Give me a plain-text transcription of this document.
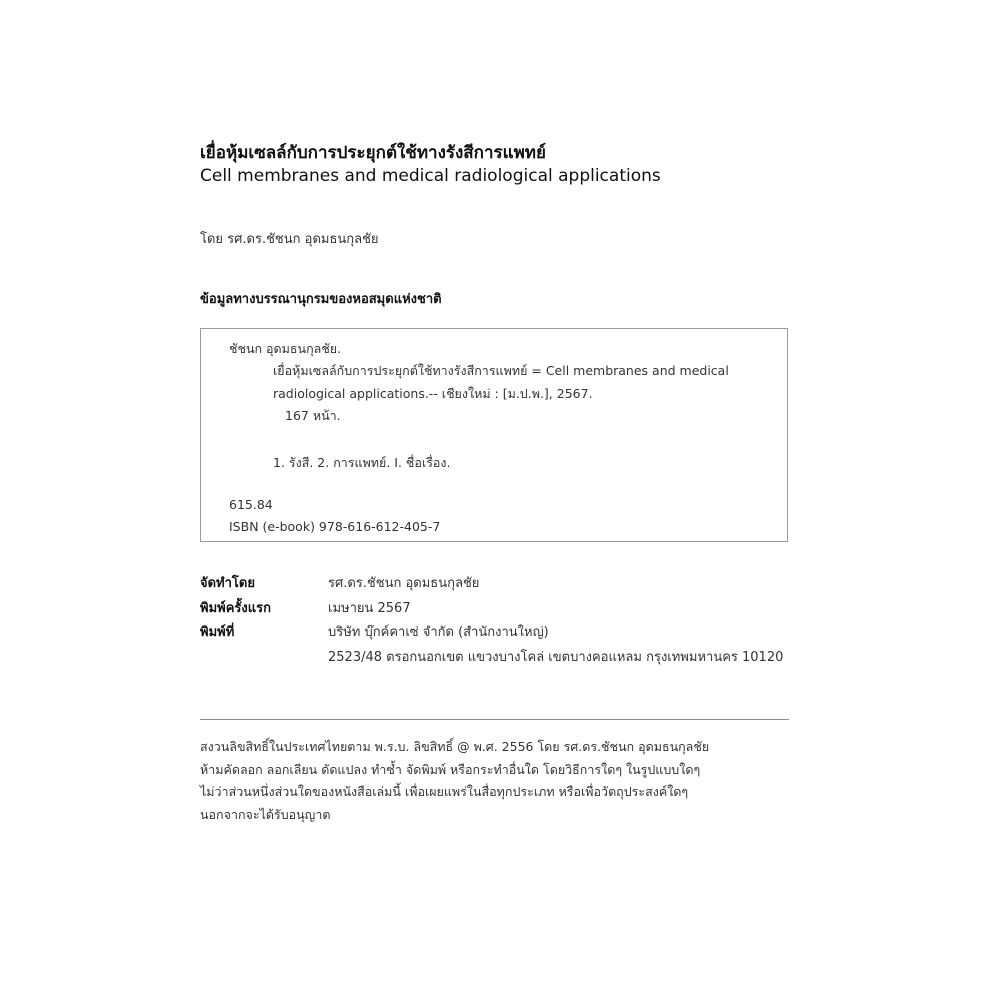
เยื่อหุ้มเซลล์กับการประยุกต์ใช้ทางรังสีการแพทย์
Cell membranes and medical radiological applications
โดย รศ.ดร.ชัชนก อุดมธนกุลชัย
ข้อมูลทางบรรณานุกรมของหอสมุดแห่งชาติ
ชัชนก อุดมธนกุลชัย.
เยื่อหุ้มเซลล์กับการประยุกต์ใช้ทางรังสีการแพทย์ = Cell membranes and medical
radiological applications.-- เชียงใหม่ : [ม.ป.พ.], 2567.
167 หน้า.
1. รังสี. 2. การแพทย์. I. ชื่อเรื่อง.
615.84
ISBN (e-book) 978-616-612-405-7
จัดทำโดย	รศ.ดร.ชัชนก อุดมธนกุลชัย
พิมพ์ครั้งแรก	เมษายน 2567
พิมพ์ที่	บริษัท บุ๊กค์คาเซ่ จำกัด (สำนักงานใหญ่)
2523/48 ตรอกนอกเขต แขวงบางโคล่ เขตบางคอแหลม กรุงเทพมหานคร 10120
สงวนลิขสิทธิ์ในประเทศไทยตาม พ.ร.บ. ลิขสิทธิ์ @ พ.ศ. 2556 โดย รศ.ดร.ชัชนก อุดมธนกุลชัย
ห้ามคัดลอก ลอกเลียน ดัดแปลง ทำซ้ำ จัดพิมพ์ หรือกระทำอื่นใด โดยวิธีการใดๆ ในรูปแบบใดๆ
ไม่ว่าส่วนหนึ่งส่วนใดของหนังสือเล่มนี้ เพื่อเผยแพร่ในสื่อทุกประเภท หรือเพื่อวัตถุประสงค์ใดๆ
นอกจากจะได้รับอนุญาต
